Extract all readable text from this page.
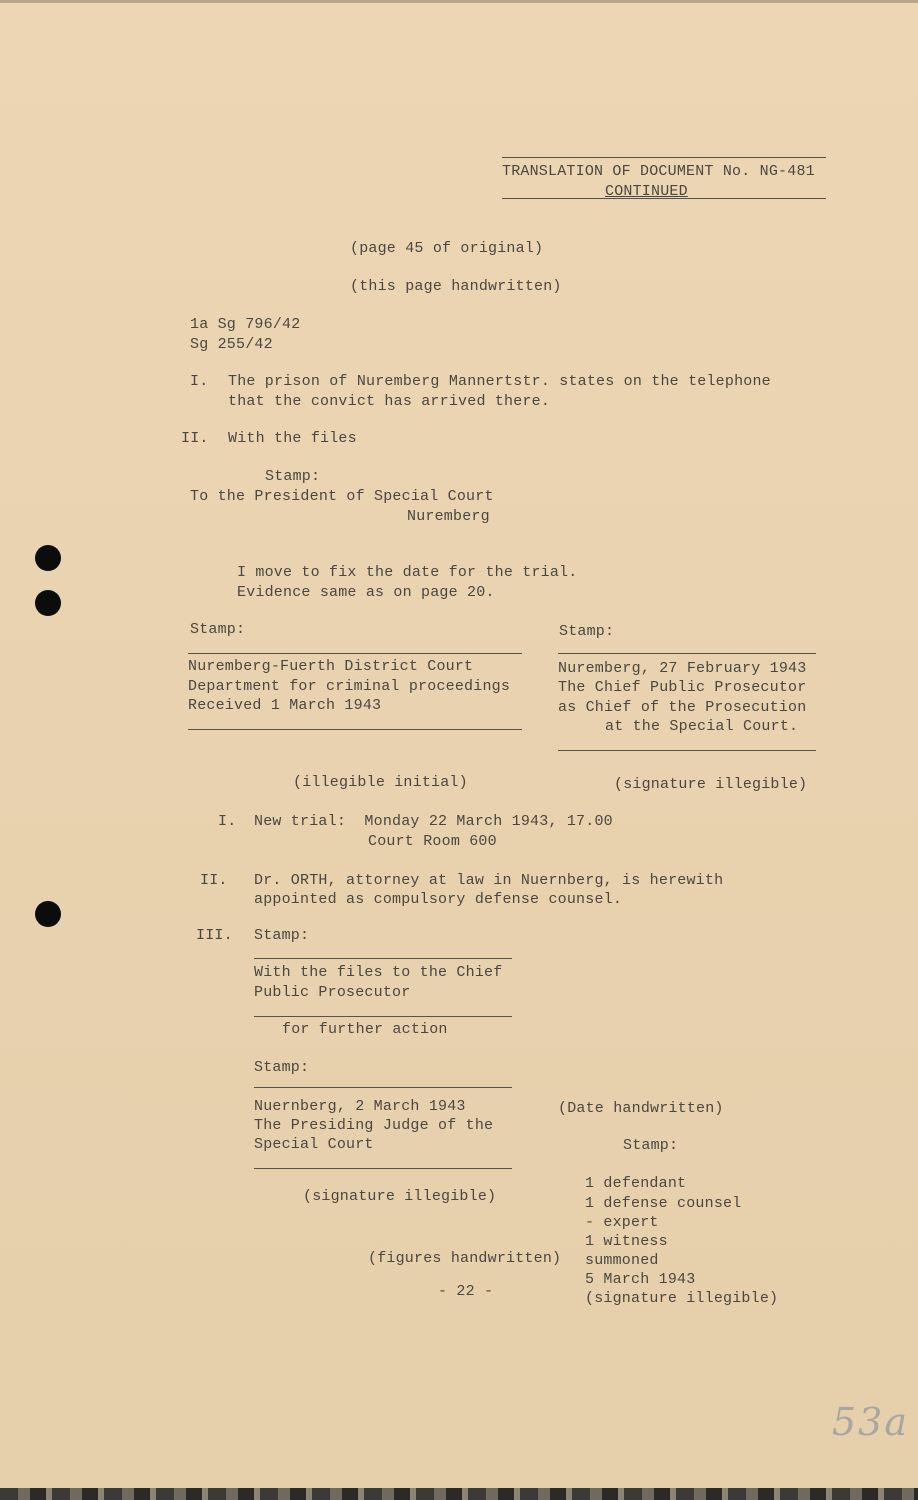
TRANSLATION OF DOCUMENT No. NG-481
CONTINUED
(page 45 of original)
(this page handwritten)
1a Sg 796/42
Sg 255/42
I. The prison of Nuremberg Mannertstr. states on the telephone
that the convict has arrived there.
II. With the files
Stamp:
To the President of Special Court
Nuremberg
I move to fix the date for the trial.
Evidence same as on page 20.
Stamp:
Nuremberg-Fuerth District Court
Department for criminal proceedings
Received 1 March 1943
Stamp:
Nuremberg, 27 February 1943
The Chief Public Prosecutor
as Chief of the Prosecution
at the Special Court.
(illegible initial)	(signature illegible)
I. New trial:  Monday 22 March 1943, 17.00
Court Room 600
II. Dr. ORTH, attorney at law in Nuernberg, is herewith
appointed as compulsory defense counsel.
III. Stamp:
With the files to the Chief
Public Prosecutor
for further action
Stamp:
Nuernberg, 2 March 1943
The Presiding Judge of the
Special Court
(signature illegible)
(Date handwritten)
Stamp:
1 defendant
1 defense counsel
- expert
1 witness
summoned
5 March 1943
(signature illegible)
(figures handwritten)
- 22 -
53a
